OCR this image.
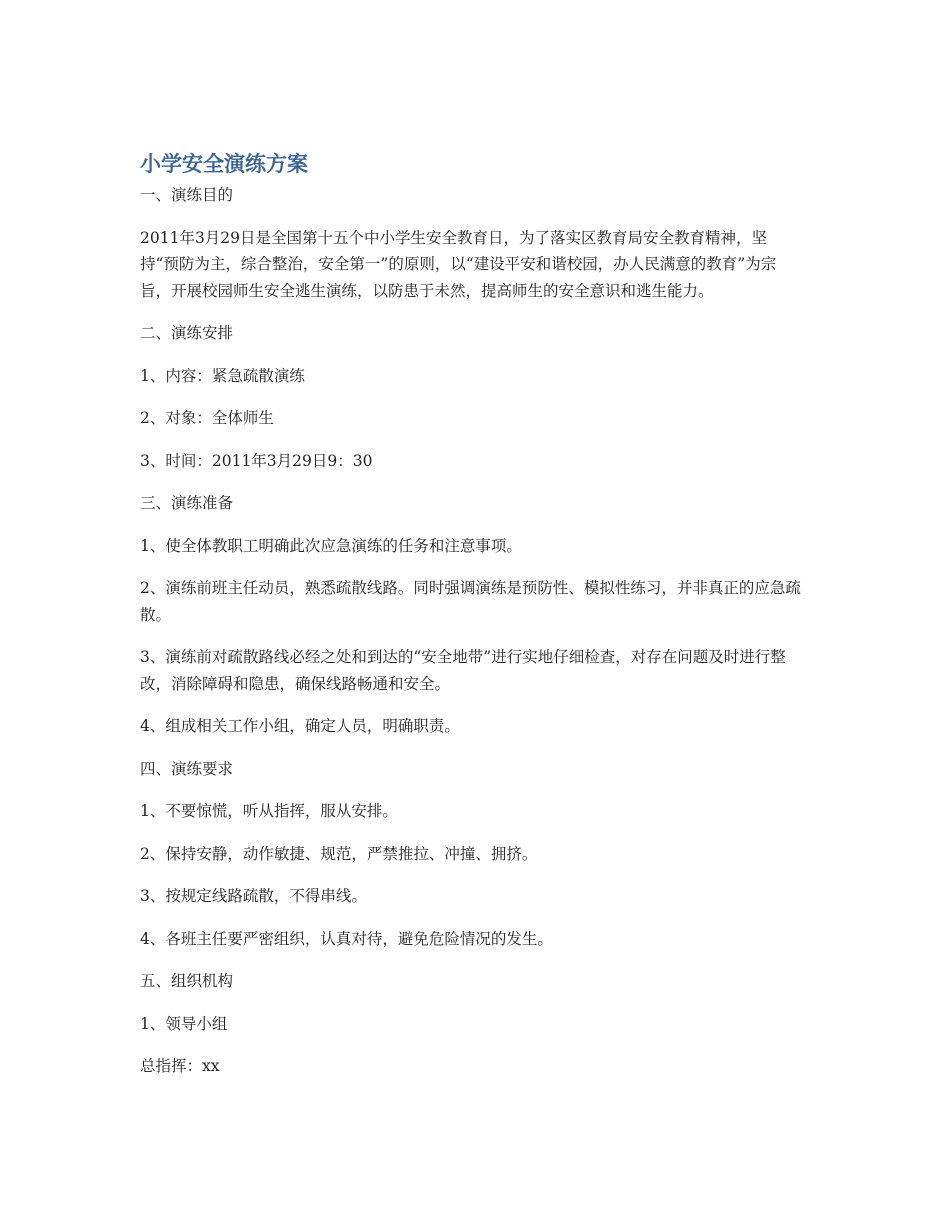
小学安全演练方案

一、演练目的

2011年3月29日是全国第十五个中小学生安全教育日，为了落实区教育局安全教育精神，坚持“预防为主，综合整治，安全第一”的原则，以“建设平安和谐校园，办人民满意的教育”为宗旨，开展校园师生安全逃生演练，以防患于未然，提高师生的安全意识和逃生能力。

二、演练安排

1、内容：紧急疏散演练

2、对象：全体师生

3、时间：2011年3月29日9：30

三、演练准备

1、使全体教职工明确此次应急演练的任务和注意事项。

2、演练前班主任动员，熟悉疏散线路。同时强调演练是预防性、模拟性练习，并非真正的应急疏散。

3、演练前对疏散路线必经之处和到达的“安全地带”进行实地仔细检查，对存在问题及时进行整改，消除障碍和隐患，确保线路畅通和安全。

4、组成相关工作小组，确定人员，明确职责。

四、演练要求

1、不要惊慌，听从指挥，服从安排。

2、保持安静，动作敏捷、规范，严禁推拉、冲撞、拥挤。

3、按规定线路疏散，不得串线。

4、各班主任要严密组织，认真对待，避免危险情况的发生。

五、组织机构

1、领导小组

总指挥：xx
